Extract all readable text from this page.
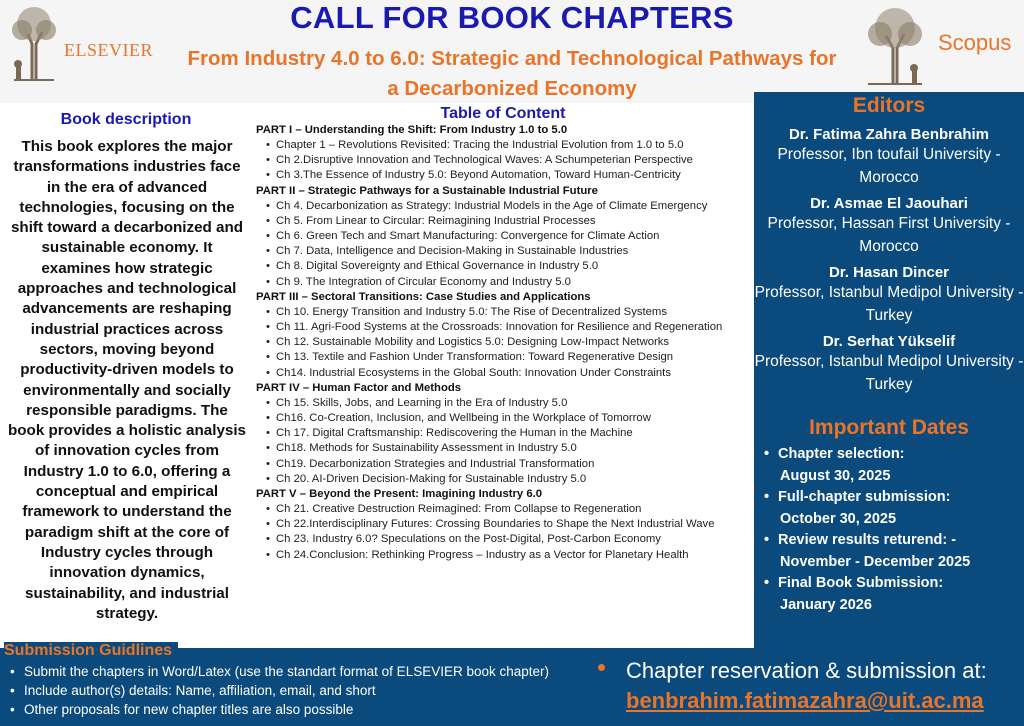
ELSEVIER
CALL FOR BOOK CHAPTERS
From Industry 4.0 to 6.0: Strategic and Technological Pathways for a Decarbonized Economy
Scopus
Book description

This book explores the major transformations industries face in the era of advanced technologies, focusing on the shift toward a decarbonized and sustainable economy. It examines how strategic approaches and technological advancements are reshaping industrial practices across sectors, moving beyond productivity-driven models to environmentally and socially responsible paradigms. The book provides a holistic analysis of innovation cycles from Industry 1.0 to 6.0, offering a conceptual and empirical framework to understand the paradigm shift at the core of Industry cycles through innovation dynamics, sustainability, and industrial strategy.

Table of Content
PART I – Understanding the Shift: From Industry 1.0 to 5.0
• Chapter 1 – Revolutions Revisited: Tracing the Industrial Evolution from 1.0 to 5.0
• Ch 2.Disruptive Innovation and Technological Waves: A Schumpeterian Perspective
• Ch 3.The Essence of Industry 5.0: Beyond Automation, Toward Human-Centricity
PART II – Strategic Pathways for a Sustainable Industrial Future
• Ch 4. Decarbonization as Strategy: Industrial Models in the Age of Climate Emergency
• Ch 5. From Linear to Circular: Reimagining Industrial Processes
• Ch 6. Green Tech and Smart Manufacturing: Convergence for Climate Action
• Ch 7. Data, Intelligence and Decision-Making in Sustainable Industries
• Ch 8. Digital Sovereignty and Ethical Governance in Industry 5.0
• Ch 9. The Integration of Circular Economy and Industry 5.0
PART III – Sectoral Transitions: Case Studies and Applications
• Ch 10. Energy Transition and Industry 5.0: The Rise of Decentralized Systems
• Ch 11. Agri-Food Systems at the Crossroads: Innovation for Resilience and Regeneration
• Ch 12. Sustainable Mobility and Logistics 5.0: Designing Low-Impact Networks
• Ch 13. Textile and Fashion Under Transformation: Toward Regenerative Design
• Ch14. Industrial Ecosystems in the Global South: Innovation Under Constraints
PART IV – Human Factor and Methods
• Ch 15. Skills, Jobs, and Learning in the Era of Industry 5.0
• Ch16. Co-Creation, Inclusion, and Wellbeing in the Workplace of Tomorrow
• Ch 17. Digital Craftsmanship: Rediscovering the Human in the Machine
• Ch18. Methods for Sustainability Assessment in Industry 5.0
• Ch19. Decarbonization Strategies and Industrial Transformation
• Ch 20. AI-Driven Decision-Making for Sustainable Industry 5.0
PART V – Beyond the Present: Imagining Industry 6.0
• Ch 21. Creative Destruction Reimagined: From Collapse to Regeneration
• Ch 22.Interdisciplinary Futures: Crossing Boundaries to Shape the Next Industrial Wave
• Ch 23. Industry 6.0? Speculations on the Post-Digital, Post-Carbon Economy
• Ch 24.Conclusion: Rethinking Progress – Industry as a Vector for Planetary Health
Editors
Dr. Fatima Zahra Benbrahim
Professor, Ibn toufail University - Morocco
Dr. Asmae El Jaouhari
Professor, Hassan First University - Morocco
Dr. Hasan Dincer
Professor, Istanbul Medipol University - Turkey
Dr. Serhat Yükselif
Professor, Istanbul Medipol University - Turkey
Important Dates
• Chapter selection:
August 30, 2025
• Full-chapter submission:
October 30, 2025
• Review results returend: -
November - December 2025
• Final Book Submission:
January 2026
Submission Guidlines
• Submit the chapters in Word/Latex (use the standart format of ELSEVIER book chapter)
• Include author(s) details: Name, affiliation, email, and short
• Other proposals for new chapter titles are also possible
Chapter reservation & submission at:
benbrahim.fatimazahra@uit.ac.ma
